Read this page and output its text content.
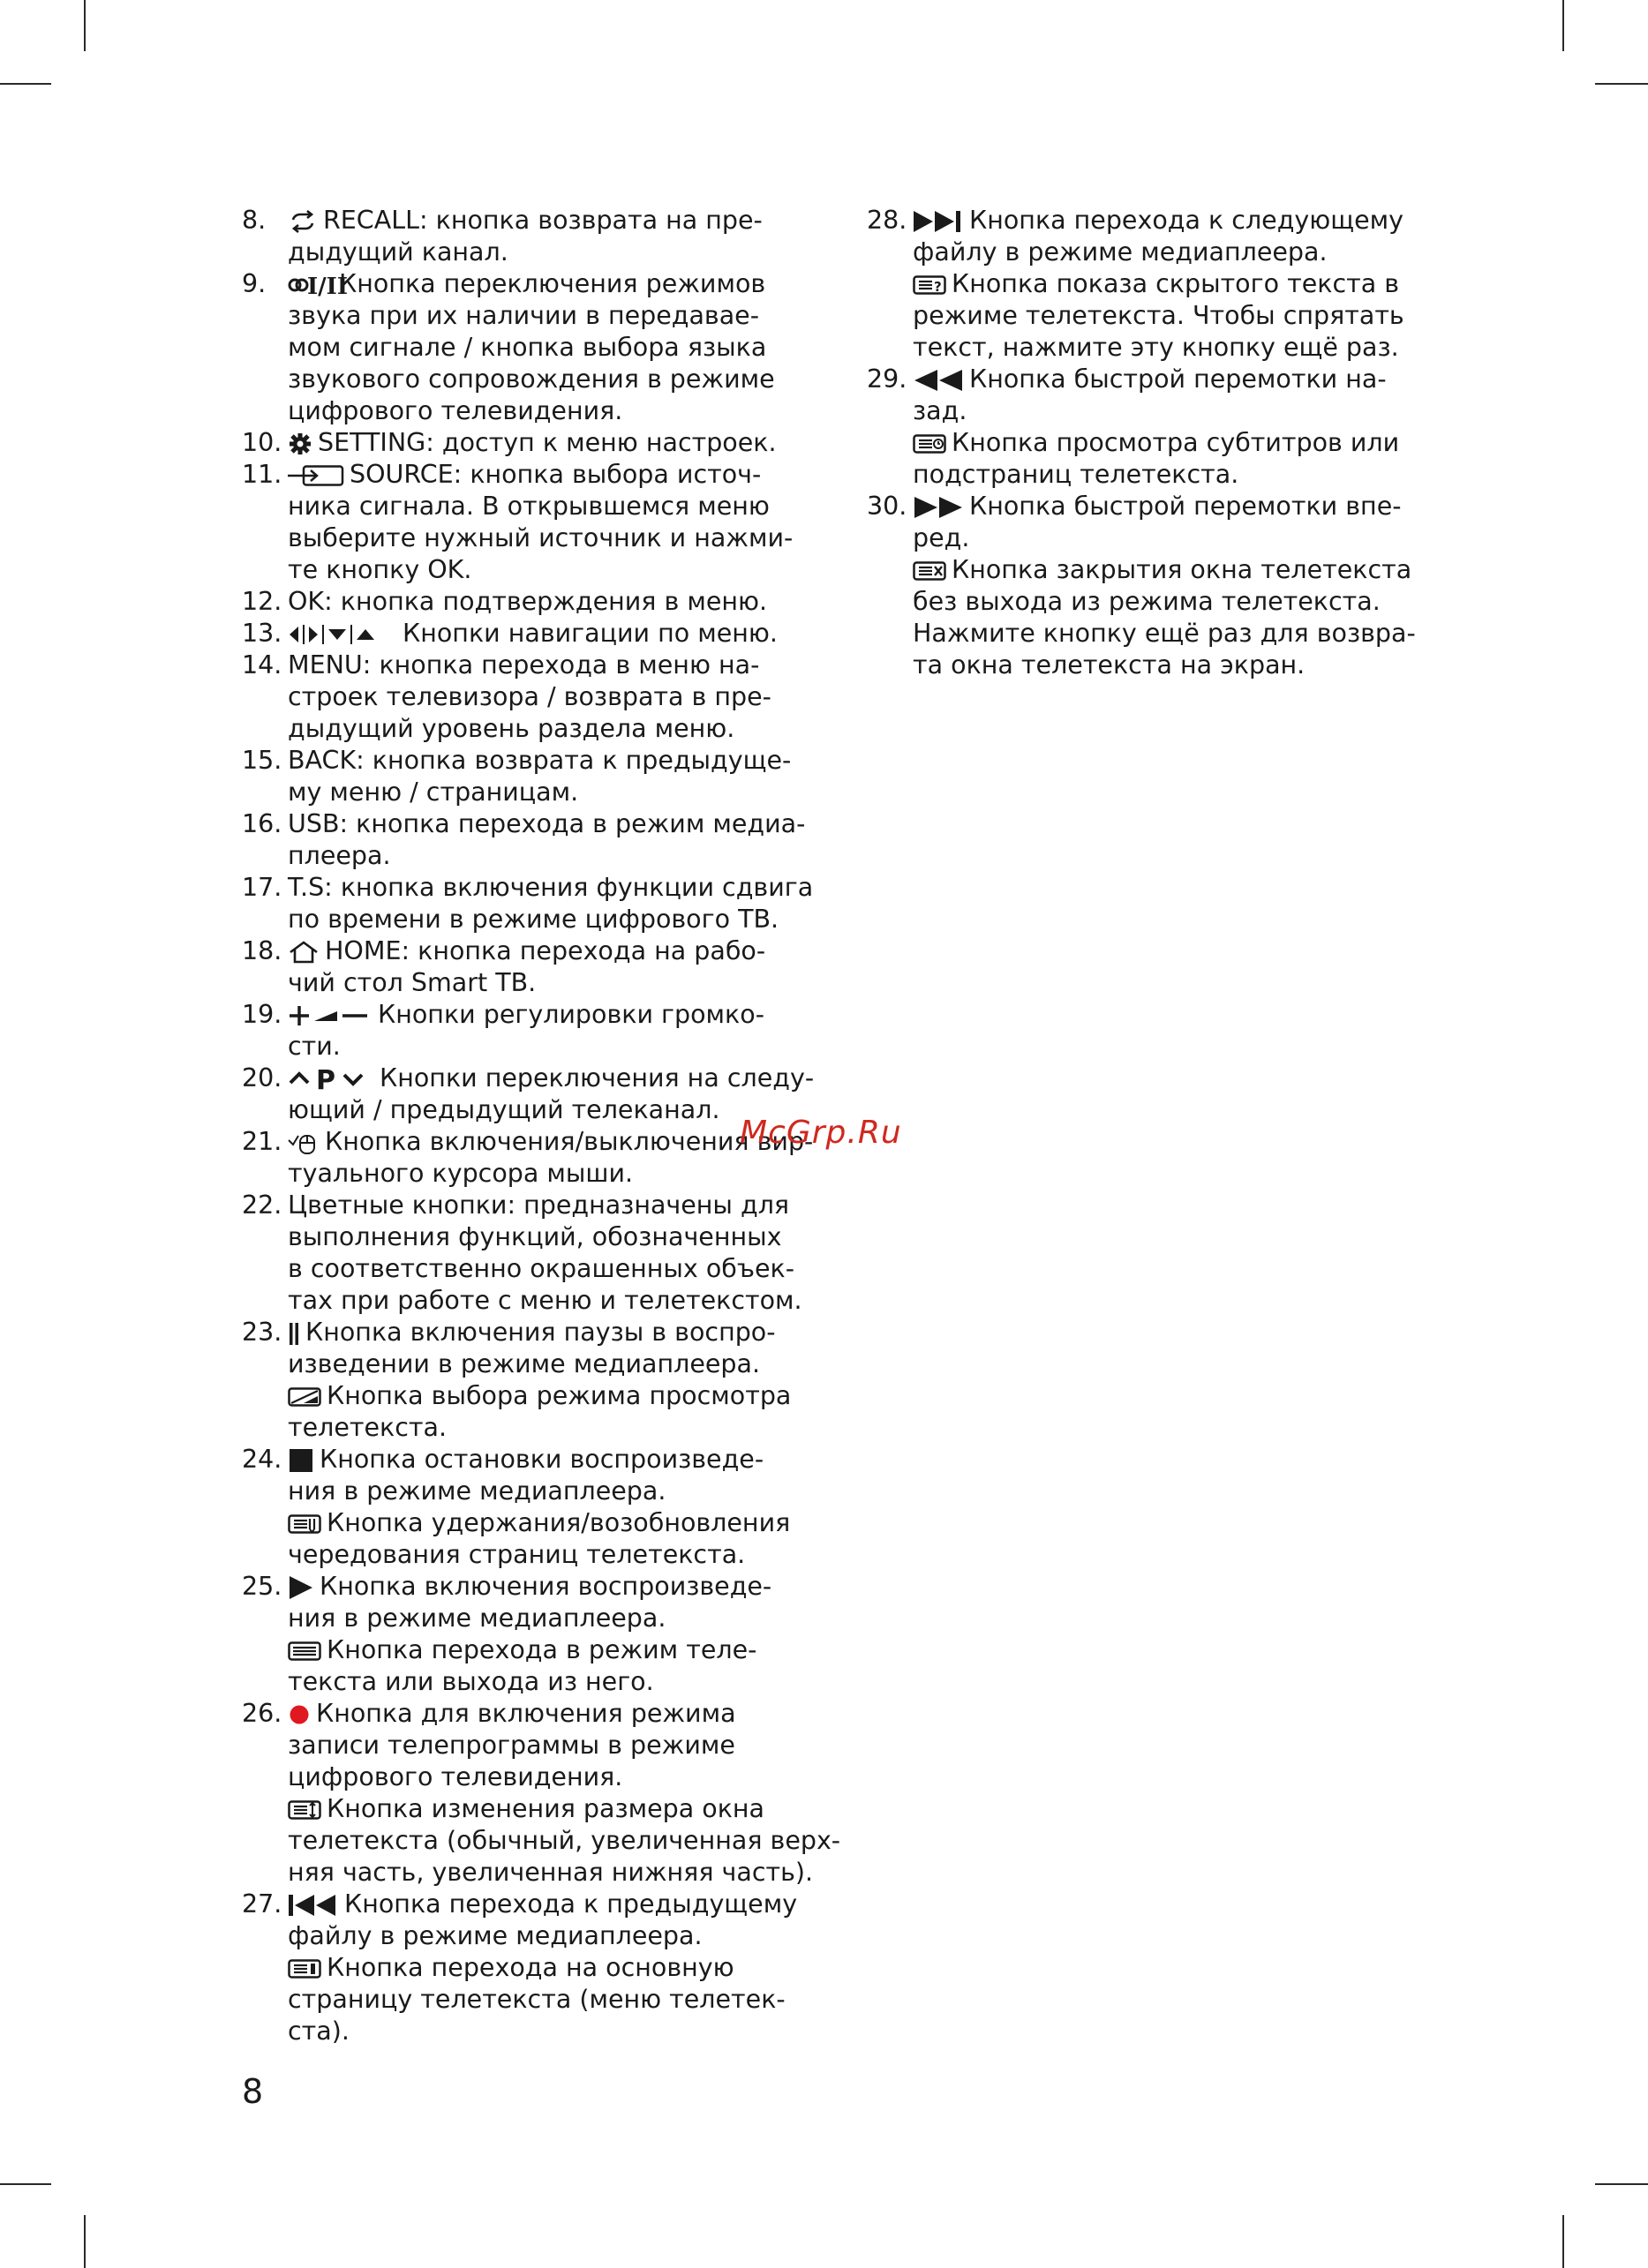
8.	RECALL: кнопка возврата на пре-
дыдущий канал.
9.	I/II
Кнопка переключения режимов
звука при их наличии в передавае-
мом сигнале / кнопка выбора языка
звукового сопровождения в режиме
цифрового телевидения.
10.	SETTING: доступ к меню настроек.
11.	SOURCE: кнопка выбора источ-
ника сигнала. В открывшемся меню
выберите нужный источник и нажми-
те кнопку OK.
12. OK: кнопка подтверждения в меню.
13.	Кнопки навигации по меню.
14. MENU: кнопка перехода в меню на-
строек телевизора / возврата в пре-
дыдущий уровень раздела меню.
15. BACK: кнопка возврата к предыдуще-
му меню / страницам.
16. USB: кнопка перехода в режим медиа-
плеера.
17. T.S: кнопка включения функции сдвига
по времени в режиме цифрового ТВ.
18.	HOME: кнопка перехода на рабо-
чий стол Smart TB.
19.	Кнопки регулировки громко-
сти.
20. P Кнопки переключения на следу-
ющий / предыдущий телеканал.
21.	Кнопка включения/выключения вир-
туального курсора мыши.
22. Цветные кнопки: предназначены для
выполнения функций, обозначенных
в соответственно окрашенных объек-
тах при работе с меню и телетекстом.
23. Кнопка включения паузы в воспро-
изведении в режиме медиаплеера.
Кнопка выбора режима просмотра
телетекста.
24.	Кнопка остановки воспроизведе-
ния в режиме медиаплеера.
Кнопка удержания/возобновления
чередования страниц телетекста.
25.	Кнопка включения воспроизведе-
ния в режиме медиаплеера.
Кнопка перехода в режим теле-
текста или выхода из него.
26.	Кнопка для включения режима
записи телепрограммы в режиме
цифрового телевидения.
Кнопка изменения размера окна
телетекста (обычный, увеличенная верх-
няя часть, увеличенная нижняя часть).
27.	Кнопка перехода к предыдущему
файлу в режиме медиаплеера.
Кнопка перехода на основную
страницу телетекста (меню телетек-
ста).
28.	Кнопка перехода к следующему
файлу в режиме медиаплеера.
? Кнопка показа скрытого текста в
режиме телетекста. Чтобы спрятать
текст, нажмите эту кнопку ещё раз.
29.	Кнопка быстрой перемотки на-
зад.
Кнопка просмотра субтитров или
подстраниц телетекста.
30.	Кнопка быстрой перемотки впе-
ред.
Кнопка закрытия окна телетекста
без выхода из режима телетекста.
Нажмите кнопку ещё раз для возвра-
та окна телетекста на экран.
McGrp.Ru
8
